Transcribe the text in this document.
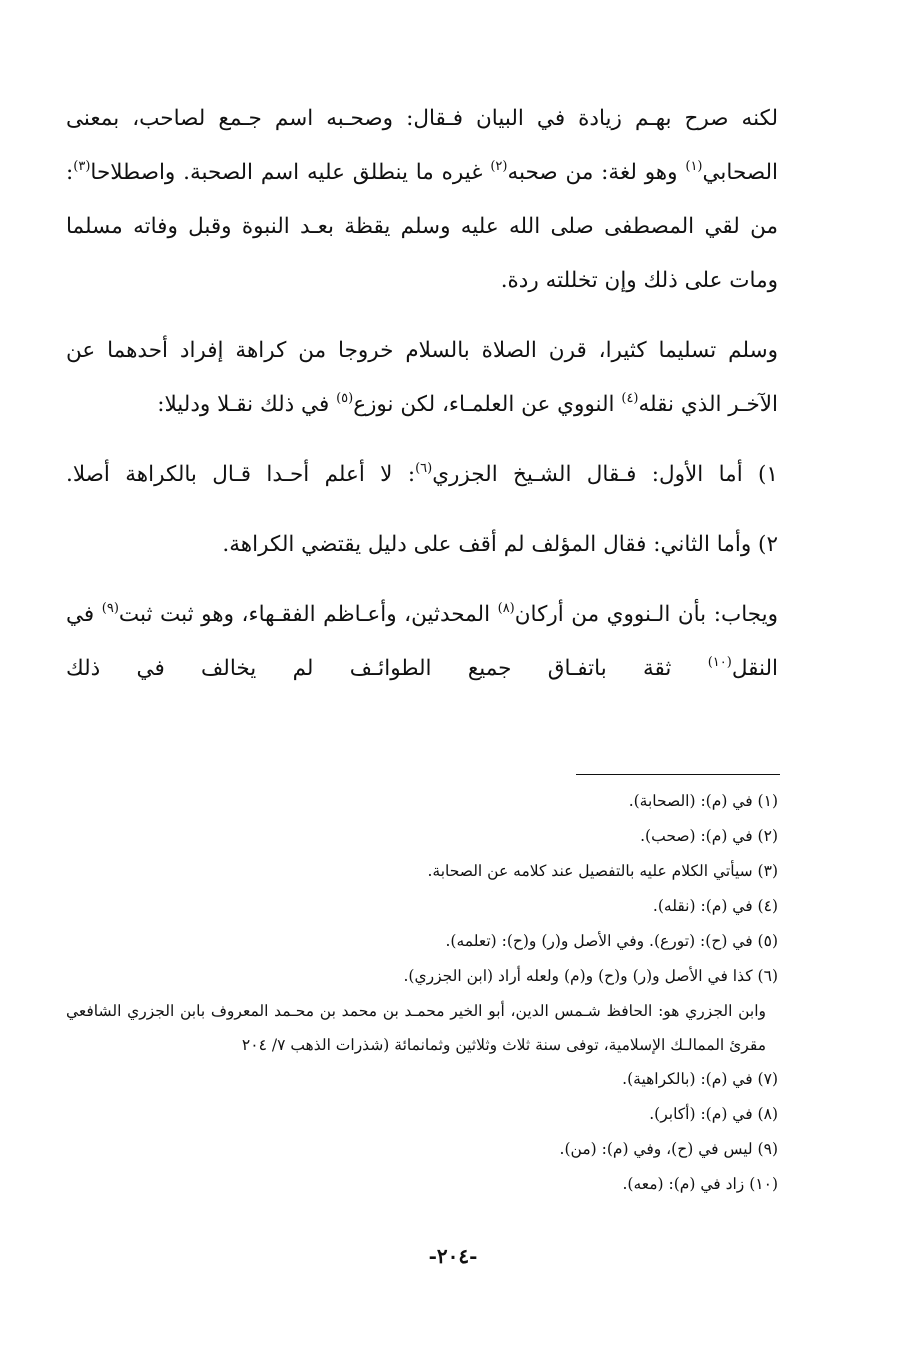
لكنه صرح بهـم زيادة في البيان فـقال: وصحـبه اسم جـمع لصاحب، بمعنى الصحابي$^{(١)}$ وهو لغة: من صحبه$^{(٢)}$ غيره ما ينطلق عليه اسم الصحبة. واصطلاحا$^{(٣)}$: من لقي المصطفى صلى الله عليه وسلم يقظة بعـد النبوة وقبل وفاته مسلما ومات على ذلك وإن تخللته ردة.

وسلم تسليما كثيرا، قرن الصلاة بالسلام خروجا من كراهة إفراد أحدهما عن الآخـر الذي نقله$^{(٤)}$ النووي عن العلمـاء، لكن نوزع$^{(٥)}$ في ذلك نقـلا ودليلا:

١) أما الأول: فـقال الشـيخ الجزري$^{(٦)}$: لا أعلم أحـدا قـال بالكراهة أصلا.

٢) وأما الثاني: فقال المؤلف لم أقف على دليل يقتضي الكراهة.

ويجاب: بأن الـنووي من أركان$^{(٨)}$ المحدثين، وأعـاظم الفقـهاء، وهو ثبت ثبت$^{(٩)}$ في النقل$^{(١٠)}$ ثقة باتفـاق جميع الطوائـف لم يخالف في ذلك

(١) في (م): (الصحابة).

(٢) في (م): (صحب).

(٣) سيأتي الكلام عليه بالتفصيل عند كلامه عن الصحابة.

(٤) في (م): (نقله).

(٥) في (ح): (تورع). وفي الأصل و(ر) و(ح): (تعلمه).

(٦) كذا في الأصل و(ر) و(ح) و(م) ولعله أراد (ابن الجزري).

وابن الجزري هو: الحافظ شـمس الدين، أبو الخير محمـد بن محمد بن محـمد المعروف بابن الجزري الشافعي مقرئ الممالـك الإسلامية، توفى سنة ثلاث وثلاثين وثمانمائة (شذرات الذهب ٧/ ٢٠٤

(٧) في (م): (بالكراهية).

(٨) في (م): (أكابر).

(٩) ليس في (ح)، وفي (م): (من).

(١٠) زاد في (م): (معه).

-٢٠٤-
